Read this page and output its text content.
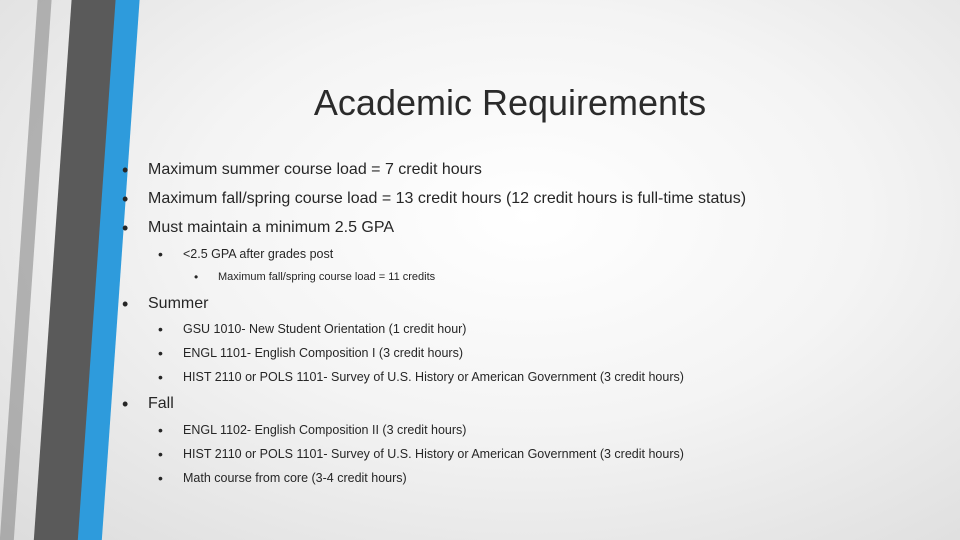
Academic Requirements
• Maximum summer course load = 7 credit hours
• Maximum fall/spring course load = 13 credit hours (12 credit hours is full-time status)
• Must maintain a minimum 2.5 GPA
• <2.5 GPA after grades post
• Maximum fall/spring course load = 11 credits
• Summer
• GSU 1010- New Student Orientation (1 credit hour)
• ENGL 1101- English Composition I (3 credit hours)
• HIST 2110 or POLS 1101- Survey of U.S. History or American Government (3 credit hours)
• Fall
• ENGL 1102- English Composition II (3 credit hours)
• HIST 2110 or POLS 1101- Survey of U.S. History or American Government (3 credit hours)
• Math course from core (3-4 credit hours)
